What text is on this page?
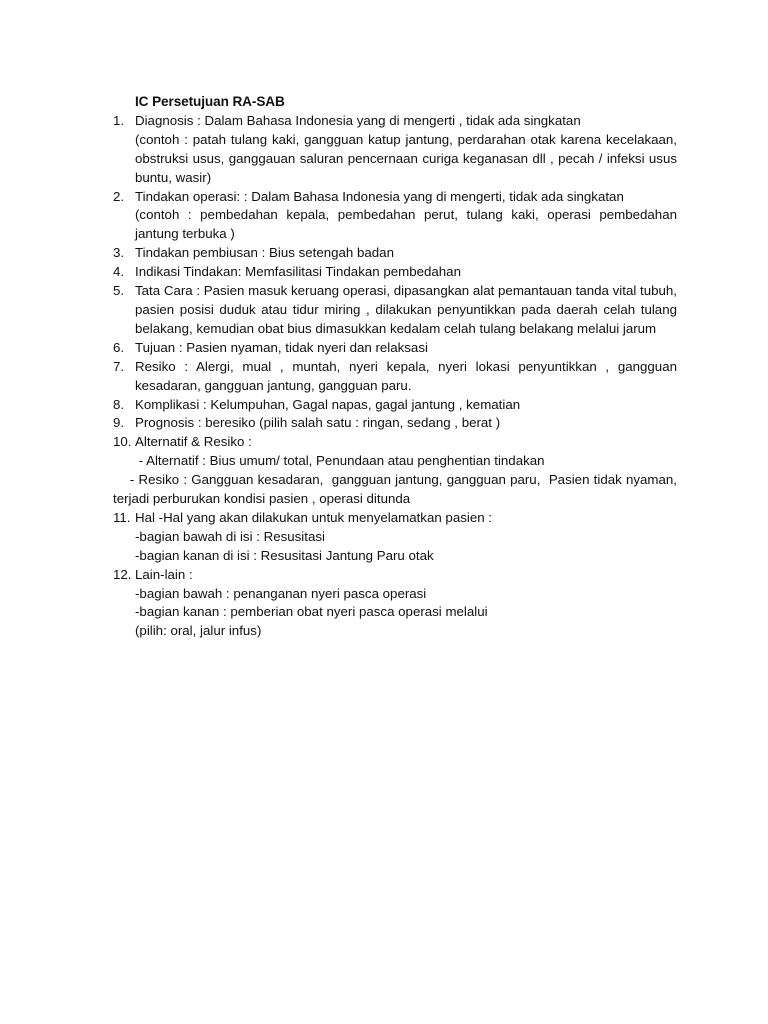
IC Persetujuan RA-SAB
1. Diagnosis : Dalam Bahasa Indonesia yang di mengerti , tidak ada singkatan
(contoh : patah tulang kaki, gangguan katup jantung, perdarahan otak karena kecelakaan, obstruksi usus, ganggauan saluran pencernaan curiga keganasan dll , pecah / infeksi usus buntu, wasir)
2. Tindakan operasi: : Dalam Bahasa Indonesia yang di mengerti, tidak ada singkatan
(contoh : pembedahan kepala, pembedahan perut, tulang kaki, operasi pembedahan jantung terbuka )
3. Tindakan pembiusan : Bius setengah badan
4. Indikasi Tindakan: Memfasilitasi Tindakan pembedahan
5. Tata Cara : Pasien masuk keruang operasi, dipasangkan alat pemantauan tanda vital tubuh, pasien posisi duduk atau tidur miring , dilakukan penyuntikkan pada daerah celah tulang belakang, kemudian obat bius dimasukkan kedalam celah tulang belakang melalui jarum
6. Tujuan : Pasien nyaman, tidak nyeri dan relaksasi
7. Resiko : Alergi, mual , muntah, nyeri kepala, nyeri lokasi penyuntikkan , gangguan kesadaran, gangguan jantung, gangguan paru.
8. Komplikasi : Kelumpuhan, Gagal napas, gagal jantung , kematian
9. Prognosis : beresiko (pilih salah satu : ringan, sedang , berat )
10. Alternatif & Resiko :
- Alternatif : Bius umum/ total, Penundaan atau penghentian tindakan
- Resiko : Gangguan kesadaran,  gangguan jantung, gangguan paru,  Pasien tidak nyaman,
terjadi perburukan kondisi pasien , operasi ditunda
11. Hal -Hal yang akan dilakukan untuk menyelamatkan pasien :
-bagian bawah di isi : Resusitasi
-bagian kanan di isi : Resusitasi Jantung Paru otak
12. Lain-lain :
-bagian bawah : penanganan nyeri pasca operasi
-bagian kanan : pemberian obat nyeri pasca operasi melalui
(pilih: oral, jalur infus)
